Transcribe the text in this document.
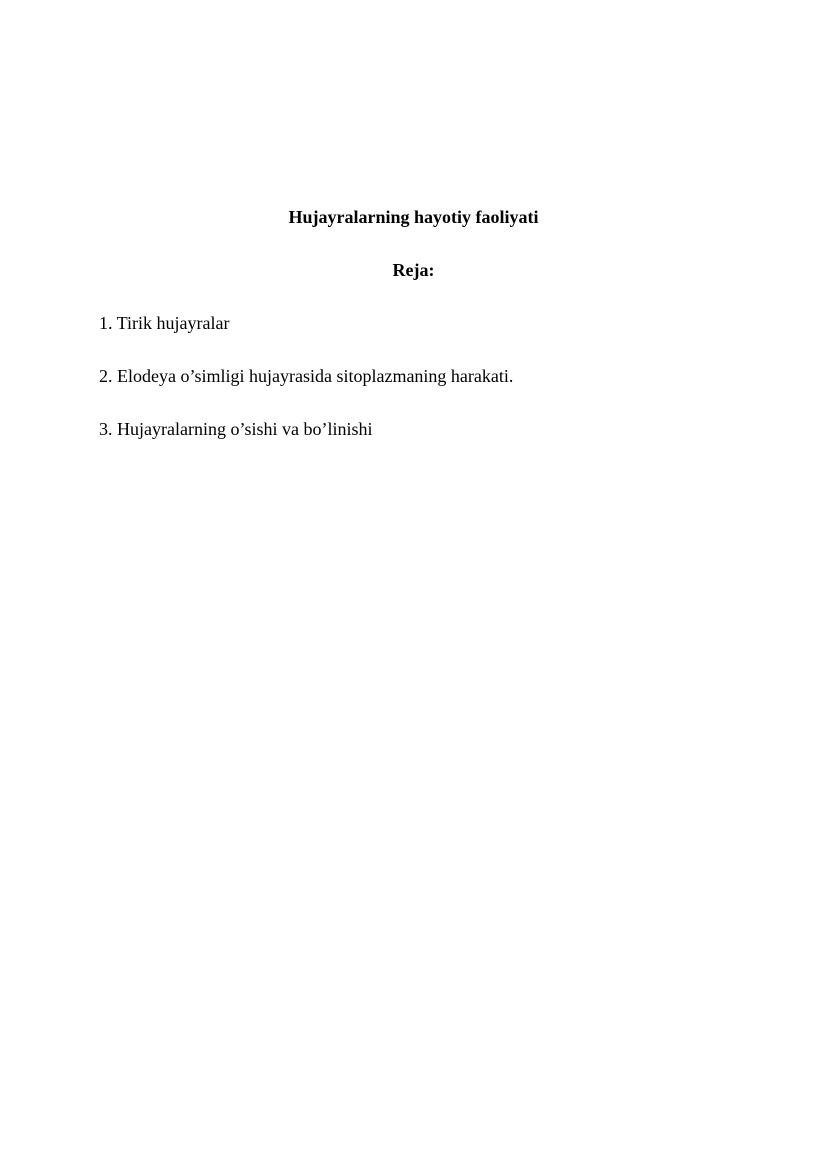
Hujayralarning hayotiy faoliyati
Reja:
1. Tirik hujayralar
2. Elodeya o’simligi hujayrasida sitoplazmaning harakati.
3. Hujayralarning o’sishi va bo’linishi
